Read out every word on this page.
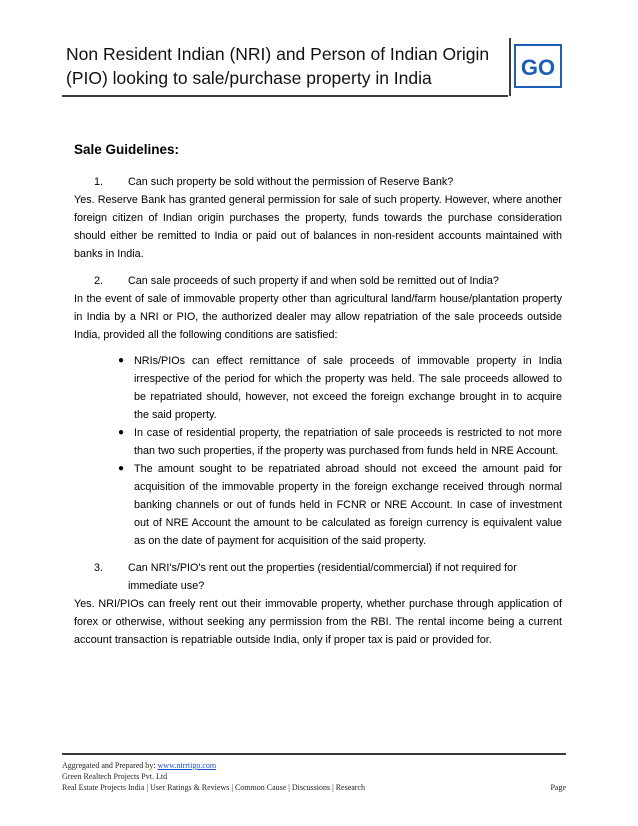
Non Resident Indian (NRI) and Person of Indian Origin (PIO) looking to sale/purchase property in India	GO
Sale Guidelines:
1.	Can such property be sold without the permission of Reserve Bank?
Yes. Reserve Bank has granted general permission for sale of such property. However, where another foreign citizen of Indian origin purchases the property, funds towards the purchase consideration should either be remitted to India or paid out of balances in non-resident accounts maintained with banks in India.
2.	Can sale proceeds of such property if and when sold be remitted out of India?
In the event of sale of immovable property other than agricultural land/farm house/plantation property in India by a NRI or PIO, the authorized dealer may allow repatriation of the sale proceeds outside India, provided all the following conditions are satisfied:
● NRIs/PIOs can effect remittance of sale proceeds of immovable property in India irrespective of the period for which the property was held. The sale proceeds allowed to be repatriated should, however, not exceed the foreign exchange brought in to acquire the said property.
● In case of residential property, the repatriation of sale proceeds is restricted to not more than two such properties, if the property was purchased from funds held in NRE Account.
● The amount sought to be repatriated abroad should not exceed the amount paid for acquisition of the immovable property in the foreign exchange received through normal banking channels or out of funds held in FCNR or NRE Account. In case of investment out of NRE Account the amount to be calculated as foreign currency is equivalent value as on the date of payment for acquisition of the said property.
3.	Can NRI's/PIO's rent out the properties (residential/commercial) if not required for immediate use?
Yes. NRI/PIOs can freely rent out their immovable property, whether purchase through application of forex or otherwise, without seeking any permission from the RBI. The rental income being a current account transaction is repatriable outside India, only if proper tax is paid or provided for.
Aggregated and Prepared by: www.nirrtigo.com
Green Realtech Projects Pvt. Ltd
Real Estate Projects India | User Ratings & Reviews | Common Cause | Discussions | Research	Page
